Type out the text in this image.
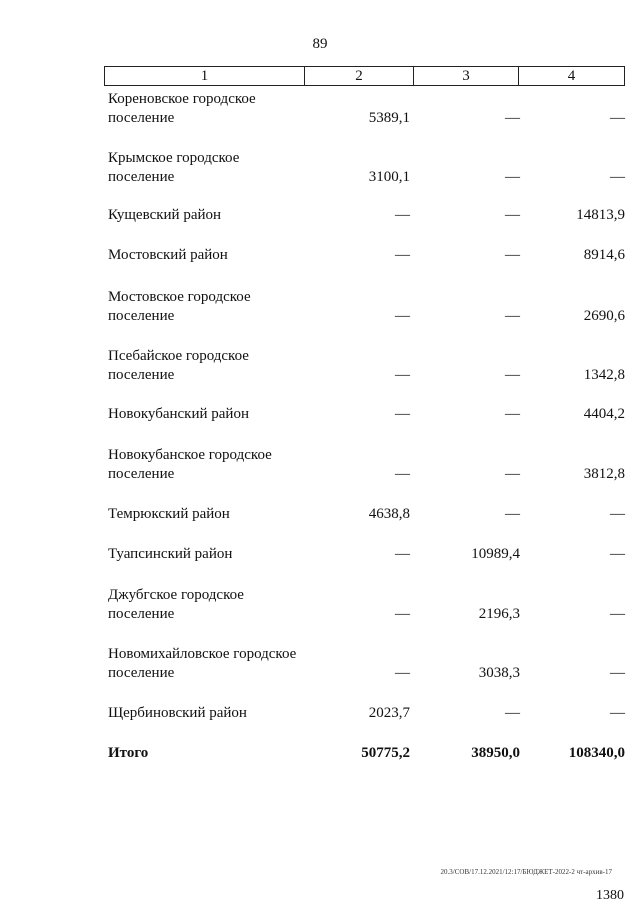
89
1	2	3	4
Кореновское городское
поселение	5389,1	—	—
Крымское городское
поселение	3100,1	—	—
Кущевский район	—	—	14813,9
Мостовский район	—	—	8914,6
Мостовское городское
поселение	—	—	2690,6
Псебайское городское
поселение	—	—	1342,8
Новокубанский район	—	—	4404,2
Новокубанское городское
поселение	—	—	3812,8
Темрюкский район	4638,8	—	—
Туапсинский район	—	10989,4	—
Джубгское городское
поселение	—	2196,3	—
Новомихайловское городское
поселение	—	3038,3	—
Щербиновский район	2023,7	—	—
Итого	50775,2	38950,0	108340,0
20.3/СОВ/17.12.2021/12:17/БЮДЖЕТ-2022-2 чт-архив-17
1380
